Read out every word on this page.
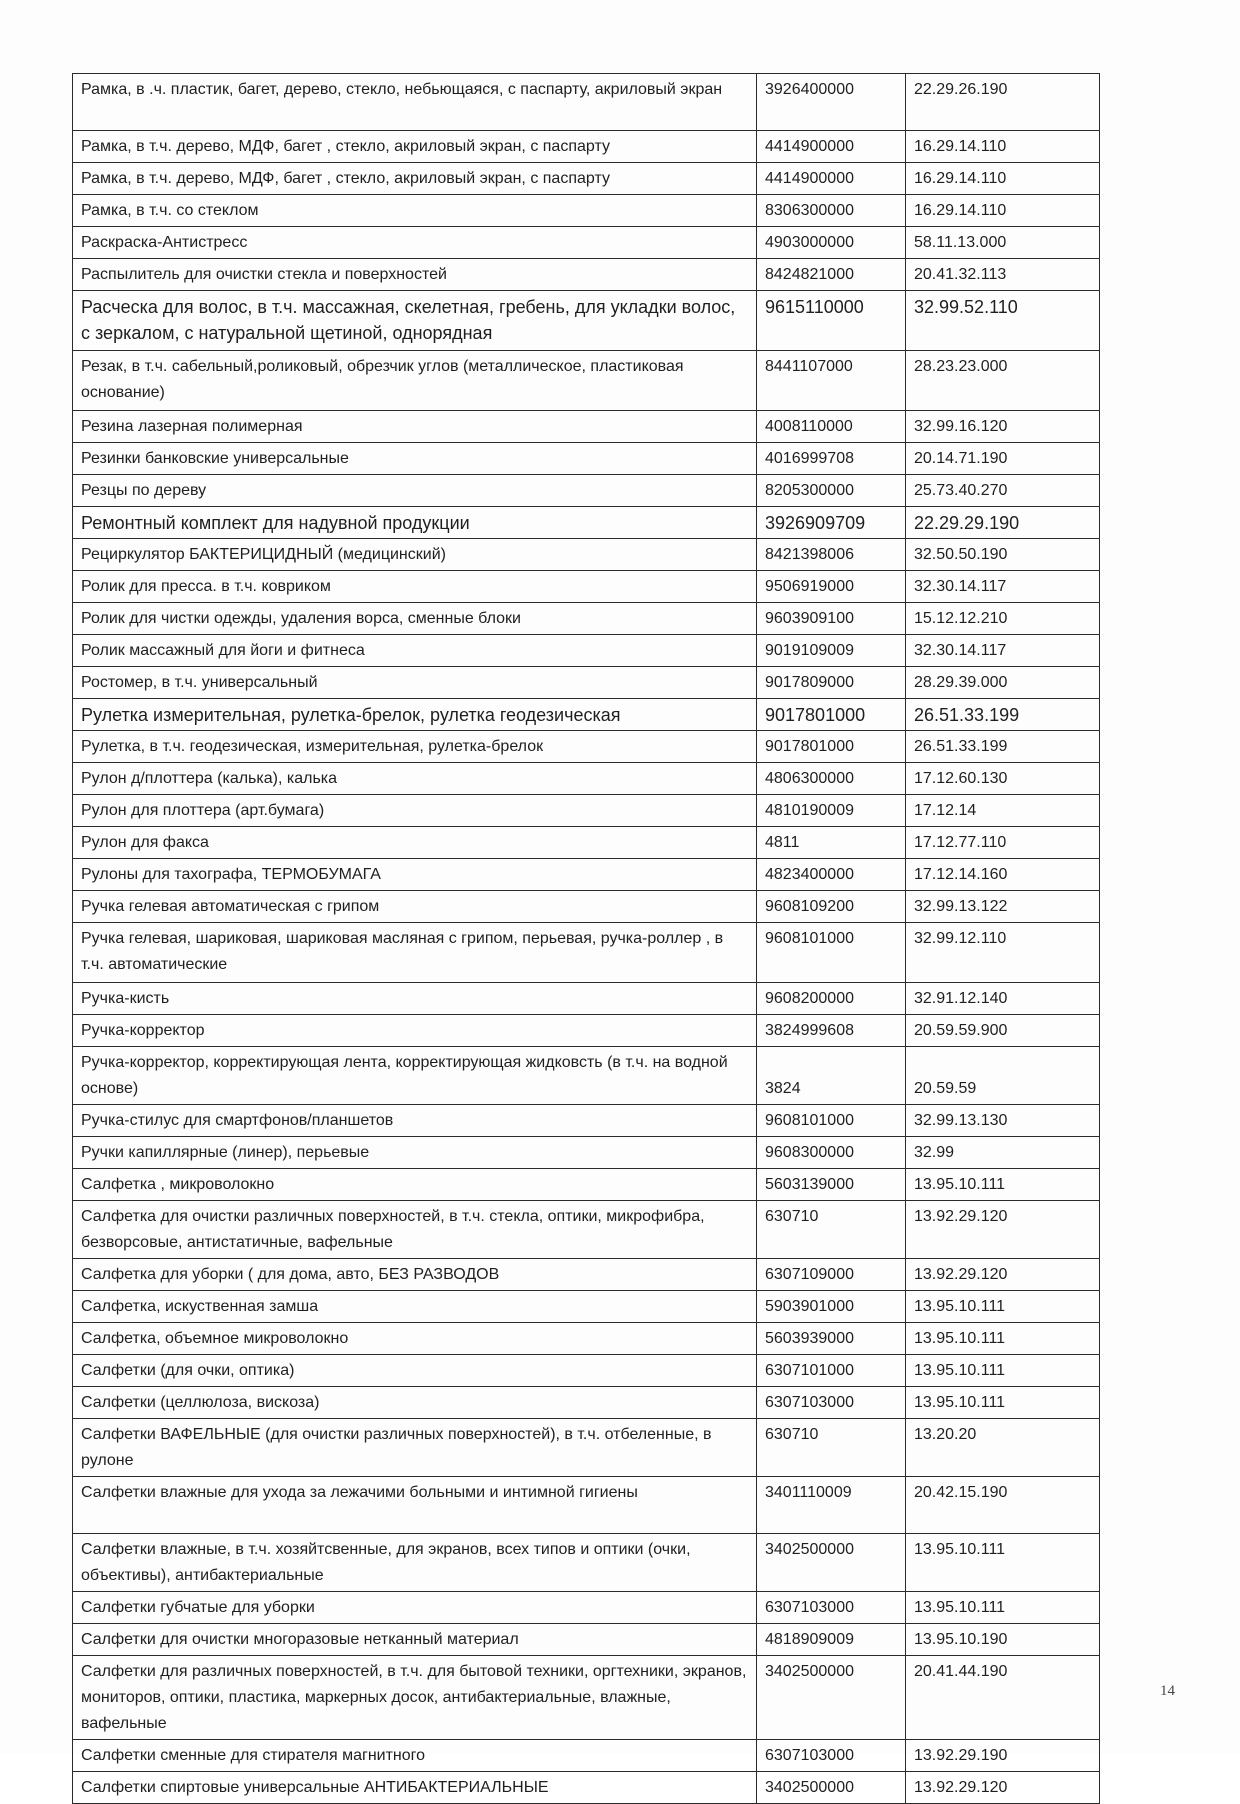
Рамка, в .ч. пластик, багет, дерево, стекло, небьющаяся, с паспарту, акриловый экран	3926400000	22.29.26.190
Рамка, в т.ч. дерево, МДФ, багет , стекло, акриловый экран, с паспарту	4414900000	16.29.14.110
Рамка, в т.ч. дерево, МДФ, багет , стекло, акриловый экран, с паспарту	4414900000	16.29.14.110
Рамка, в т.ч. со стеклом	8306300000	16.29.14.110
Раскраска-Антистресс	4903000000	58.11.13.000
Распылитель для очистки стекла и поверхностей	8424821000	20.41.32.113
Расческа для волос, в т.ч. массажная, скелетная, гребень, для укладки волос, с зеркалом, с натуральной щетиной, однорядная	9615110000	32.99.52.110
Резак, в т.ч. сабельный,роликовый, обрезчик углов (металлическое, пластиковая основание)	8441107000	28.23.23.000
Резина лазерная полимерная	4008110000	32.99.16.120
Резинки банковские универсальные	4016999708	20.14.71.190
Резцы по дереву	8205300000	25.73.40.270
Ремонтный комплект для надувной продукции	3926909709	22.29.29.190
Рециркулятор БАКТЕРИЦИДНЫЙ (медицинский)	8421398006	32.50.50.190
Ролик для пресса. в т.ч. ковриком	9506919000	32.30.14.117
Ролик для чистки одежды, удаления ворса, сменные блоки	9603909100	15.12.12.210
Ролик массажный для йоги и фитнеса	9019109009	32.30.14.117
Ростомер, в т.ч. универсальный	9017809000	28.29.39.000
Рулетка измерительная, рулетка-брелок, рулетка геодезическая	9017801000	26.51.33.199
Рулетка, в т.ч. геодезическая, измерительная, рулетка-брелок	9017801000	26.51.33.199
Рулон д/плоттера (калька), калька	4806300000	17.12.60.130
Рулон для плоттера (арт.бумага)	4810190009	17.12.14
Рулон для факса	4811	17.12.77.110
Рулоны для тахографа, ТЕРМОБУМАГА	4823400000	17.12.14.160
Ручка гелевая автоматическая с грипом	9608109200	32.99.13.122
Ручка гелевая, шариковая, шариковая масляная с грипом, перьевая, ручка-роллер , в т.ч. автоматические	9608101000	32.99.12.110
Ручка-кисть	9608200000	32.91.12.140
Ручка-корректор	3824999608	20.59.59.900
Ручка-корректор, корректирующая лента, корректирующая жидковсть (в т.ч. на водной основе)	3824	20.59.59
Ручка-стилус для смартфонов/планшетов	9608101000	32.99.13.130
Ручки капиллярные (линер), перьевые	9608300000	32.99
Салфетка , микроволокно	5603139000	13.95.10.111
Салфетка для очистки различных поверхностей, в т.ч. стекла, оптики, микрофибра, безворсовые, антистатичные, вафельные	630710	13.92.29.120
Салфетка для уборки ( для дома, авто, БЕЗ РАЗВОДОВ	6307109000	13.92.29.120
Салфетка, искуственная замша	5903901000	13.95.10.111
Салфетка, объемное микроволокно	5603939000	13.95.10.111
Салфетки (для очки, оптика)	6307101000	13.95.10.111
Салфетки (целлюлоза, вискоза)	6307103000	13.95.10.111
Салфетки ВАФЕЛЬНЫЕ (для очистки различных поверхностей), в т.ч. отбеленные, в рулоне	630710	13.20.20
Салфетки влажные для ухода за лежачими больными и интимной гигиены	3401110009	20.42.15.190
Салфетки влажные, в т.ч. хозяйтсвенные, для экранов, всех типов и оптики (очки, объективы), антибактериальные	3402500000	13.95.10.111
Салфетки губчатые для уборки	6307103000	13.95.10.111
Салфетки для очистки многоразовые нетканный материал	4818909009	13.95.10.190
Салфетки для различных поверхностей, в т.ч. для бытовой техники, оргтехники, экранов, мониторов, оптики, пластика, маркерных досок, антибактериальные, влажные, вафельные	3402500000	20.41.44.190
Салфетки сменные для стирателя магнитного	6307103000	13.92.29.190
Салфетки спиртовые универсальные АНТИБАКТЕРИАЛЬНЫЕ	3402500000	13.92.29.120
14
